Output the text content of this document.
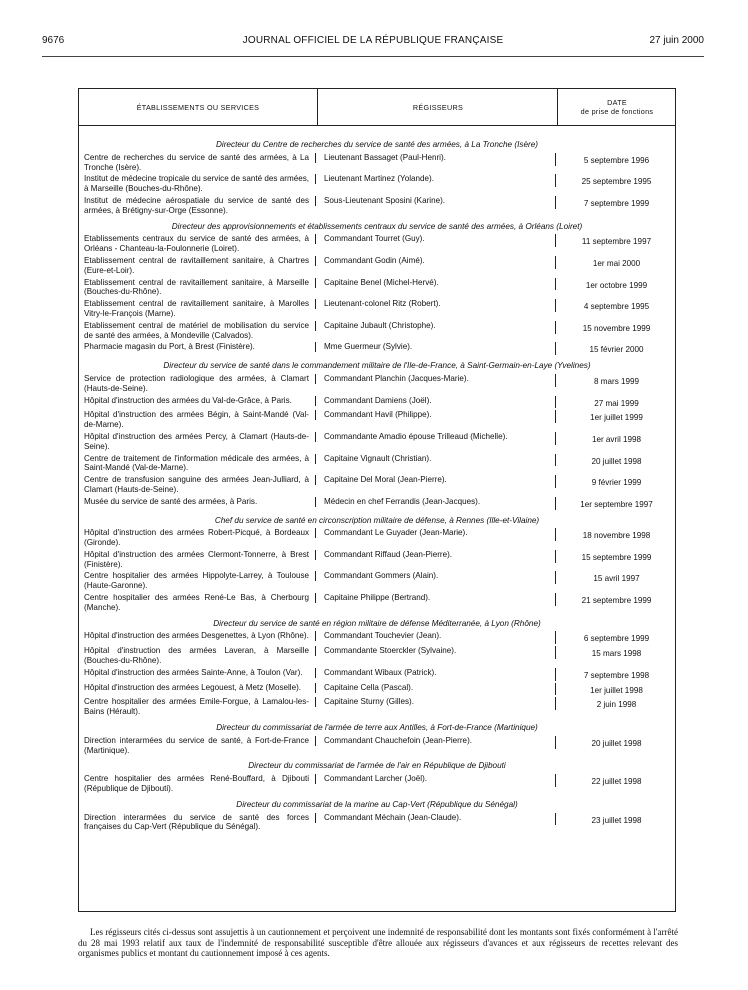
9676	JOURNAL OFFICIEL DE LA RÉPUBLIQUE FRANÇAISE	27 juin 2000
ÉTABLISSEMENTS OU SERVICES	RÉGISSEURS	DATE
de prise de fonctions
Directeur du Centre de recherches du service de santé des armées, à La Tronche (Isère)
Centre de recherches du service de santé des armées, à La Tronche (Isère).
Lieutenant Bassaget (Paul-Henri).	5 septembre 1996
Institut de médecine tropicale du service de santé des armées, à Marseille (Bouches-du-Rhône).
Lieutenant Martinez (Yolande).	25 septembre 1995
Institut de médecine aérospatiale du service de santé des armées, à Brétigny-sur-Orge (Essonne).
Sous-Lieutenant Sposini (Karine).	7 septembre 1999
Directeur des approvisionnements et établissements centraux du service de santé des armées, à Orléans (Loiret)
Etablissements centraux du service de santé des armées, à Orléans - Chanteau-la-Foulonnerie (Loiret).
Commandant Tourret (Guy).	11 septembre 1997
Etablissement central de ravitaillement sanitaire, à Chartres (Eure-et-Loir).
Commandant Godin (Aimé).	1er mai 2000
Etablissement central de ravitaillement sanitaire, à Marseille (Bouches-du-Rhône).
Capitaine Benel (Michel-Hervé).	1er octobre 1999
Etablissement central de ravitaillement sanitaire, à Marolles Vitry-le-François (Marne).
Lieutenant-colonel Ritz (Robert).	4 septembre 1995
Etablissement central de matériel de mobilisation du service de santé des armées, à Mondeville (Calvados).
Capitaine Jubault (Christophe).	15 novembre 1999
Pharmacie magasin du Port, à Brest (Finistère).	Mme Guermeur (Sylvie).	15 février 2000
Directeur du service de santé dans le commandement militaire de l'Ile-de-France, à Saint-Germain-en-Laye (Yvelines)
Service de protection radiologique des armées, à Clamart (Hauts-de-Seine).
Commandant Planchin (Jacques-Marie).	8 mars 1999
Hôpital d'instruction des armées du Val-de-Grâce, à Paris.	Commandant Damiens (Joël).	27 mai 1999
Hôpital d'instruction des armées Bégin, à Saint-Mandé (Val-de-Marne).
Commandant Havil (Philippe).	1er juillet 1999
Hôpital d'instruction des armées Percy, à Clamart (Hauts-de-Seine).
Commandante Amadio épouse Trilleaud (Michelle).	1er avril 1998
Centre de traitement de l'information médicale des armées, à Saint-Mandé (Val-de-Marne).
Capitaine Vignault (Christian).	20 juillet 1998
Centre de transfusion sanguine des armées Jean-Julliard, à Clamart (Hauts-de-Seine).
Capitaine Del Moral (Jean-Pierre).	9 février 1999
Musée du service de santé des armées, à Paris.	Médecin en chef Ferrandis (Jean-Jacques).	1er septembre 1997
Chef du service de santé en circonscription militaire de défense, à Rennes (Ille-et-Vilaine)
Hôpital d'instruction des armées Robert-Picqué, à Bordeaux (Gironde).
Commandant Le Guyader (Jean-Marie).	18 novembre 1998
Hôpital d'instruction des armées Clermont-Tonnerre, à Brest (Finistère).
Commandant Riffaud (Jean-Pierre).	15 septembre 1999
Centre hospitalier des armées Hippolyte-Larrey, à Toulouse (Haute-Garonne).
Commandant Gommers (Alain).	15 avril 1997
Centre hospitalier des armées René-Le Bas, à Cherbourg (Manche).
Capitaine Philippe (Bertrand).	21 septembre 1999
Directeur du service de santé en région militaire de défense Méditerranée, à Lyon (Rhône)
Hôpital d'instruction des armées Desgenettes, à Lyon (Rhône).	Commandant Touchevier (Jean).	6 septembre 1999
Hôpital d'instruction des armées Laveran, à Marseille (Bouches-du-Rhône).
Commandante Stoerckler (Sylvaine).	15 mars 1998
Hôpital d'instruction des armées Sainte-Anne, à Toulon (Var).	Commandant Wibaux (Patrick).	7 septembre 1998
Hôpital d'instruction des armées Legouest, à Metz (Moselle).	Capitaine Cella (Pascal).	1er juillet 1998
Centre hospitalier des armées Emile-Forgue, à Lamalou-les-Bains (Hérault).
Capitaine Sturny (Gilles).	2 juin 1998
Directeur du commissariat de l'armée de terre aux Antilles, à Fort-de-France (Martinique)
Direction interarmées du service de santé, à Fort-de-France (Martinique).
Commandant Chauchefoin (Jean-Pierre).	20 juillet 1998
Directeur du commissariat de l'armée de l'air en République de Djibouti
Centre hospitalier des armées René-Bouffard, à Djibouti (République de Djibouti).
Commandant Larcher (Joël).	22 juillet 1998
Directeur du commissariat de la marine au Cap-Vert (République du Sénégal)
Direction interarmées du service de santé des forces françaises du Cap-Vert (République du Sénégal).
Commandant Méchain (Jean-Claude).	23 juillet 1998
Les régisseurs cités ci-dessus sont assujettis à un cautionnement et perçoivent une indemnité de responsabilité dont les montants sont fixés conformément à l'arrêté du 28 mai 1993 relatif aux taux de l'indemnité de responsabilité susceptible d'être allouée aux régisseurs d'avances et aux régisseurs de recettes relevant des organismes publics et montant du cautionnement imposé à ces agents.
